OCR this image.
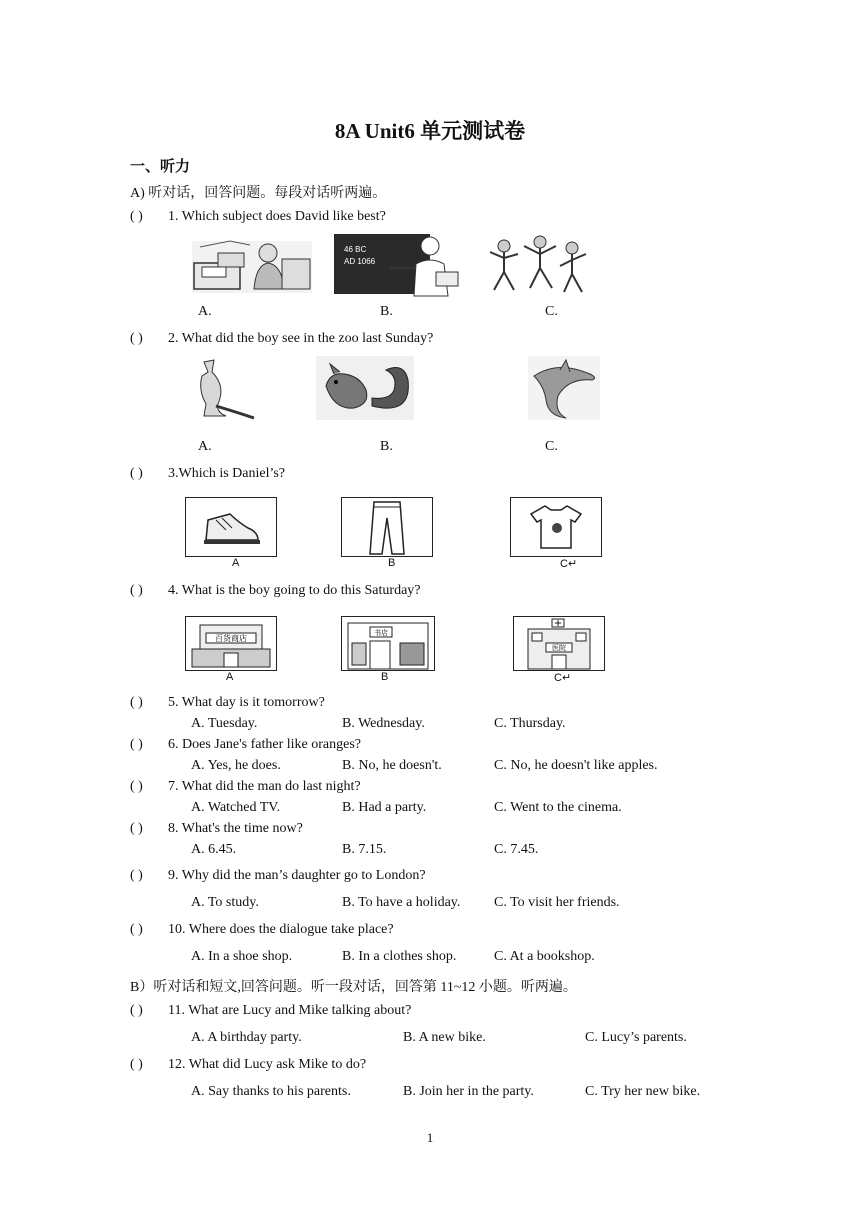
8A Unit6 单元测试卷
一、听力
A) 听对话，回答问题。每段对话听两遍。
( ) 1. Which subject does David like best?
46 BC
AD 1066
A.	B.	C.
( ) 2. What did the boy see in the zoo last Sunday?
A.	B.	C.
( ) 3.Which is Daniel’s?
A	B	C↵
( ) 4. What is the boy going to do this Saturday?
百货商店
A
书店
B
医院
C↵
( ) 5. What day is it tomorrow?
A. Tuesday.	B. Wednesday.	C. Thursday.
( ) 6. Does Jane's father like oranges?
A. Yes, he does.	B. No, he doesn't.	C. No, he doesn't like apples.
( ) 7. What did the man do last night?
A. Watched TV.	B. Had a party.	C. Went to the cinema.
( ) 8. What's the time now?
A. 6.45.	B. 7.15.	C. 7.45.
( ) 9. Why did the man’s daughter go to London?
A. To study.	B. To have a holiday. C. To visit her friends.
( ) 10. Where does the dialogue take place?
A. In a shoe shop.	B. In a clothes shop.	C. At a bookshop.
B）听对话和短文,回答问题。听一段对话，回答第 11~12 小题。听两遍。
( ) 11. What are Lucy and Mike talking about?
A. A birthday party.	B. A new bike.	C. Lucy’s parents.
( ) 12. What did Lucy ask Mike to do?
A. Say thanks to his parents.	B. Join her in the party.	C. Try her new bike.
1
